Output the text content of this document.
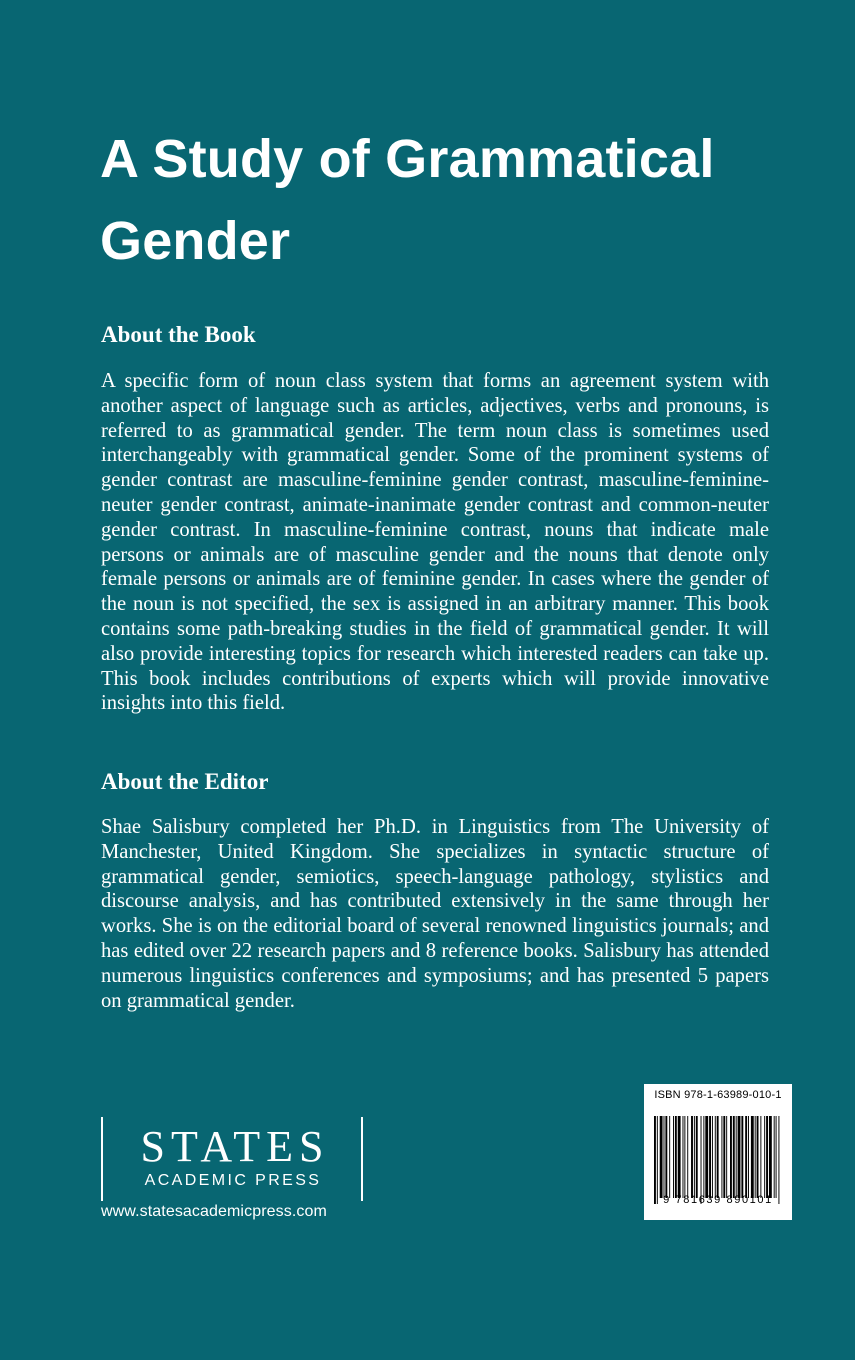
A Study of Grammatical Gender
About the Book

A specific form of noun class system that forms an agreement system with another aspect of language such as articles, adjectives, verbs and pronouns, is referred to as grammatical gender. The term noun class is sometimes used interchangeably with grammatical gender. Some of the prominent systems of gender contrast are masculine-feminine gender contrast, masculine-feminine-neuter gender contrast, animate-inanimate gender contrast and common-neuter gender contrast. In masculine-feminine contrast, nouns that indicate male persons or animals are of masculine gender and the nouns that denote only female persons or animals are of feminine gender. In cases where the gender of the noun is not specified, the sex is assigned in an arbitrary manner. This book contains some path-breaking studies in the field of grammatical gender. It will also provide interesting topics for research which interested readers can take up. This book includes contributions of experts which will provide innovative insights into this field.

About the Editor

Shae Salisbury completed her Ph.D. in Linguistics from The University of Manchester, United Kingdom. She specializes in syntactic structure of grammatical gender, semiotics, speech-language pathology, stylistics and discourse analysis, and has contributed extensively in the same through her works. She is on the editorial board of several renowned linguistics journals; and has edited over 22 research papers and 8 reference books. Salisbury has attended numerous linguistics conferences and symposiums; and has presented 5 papers on grammatical gender.

STATES
ACADEMIC PRESS
www.statesacademicpress.com
ISBN 978-1-63989-010-1
9 781639 890101
